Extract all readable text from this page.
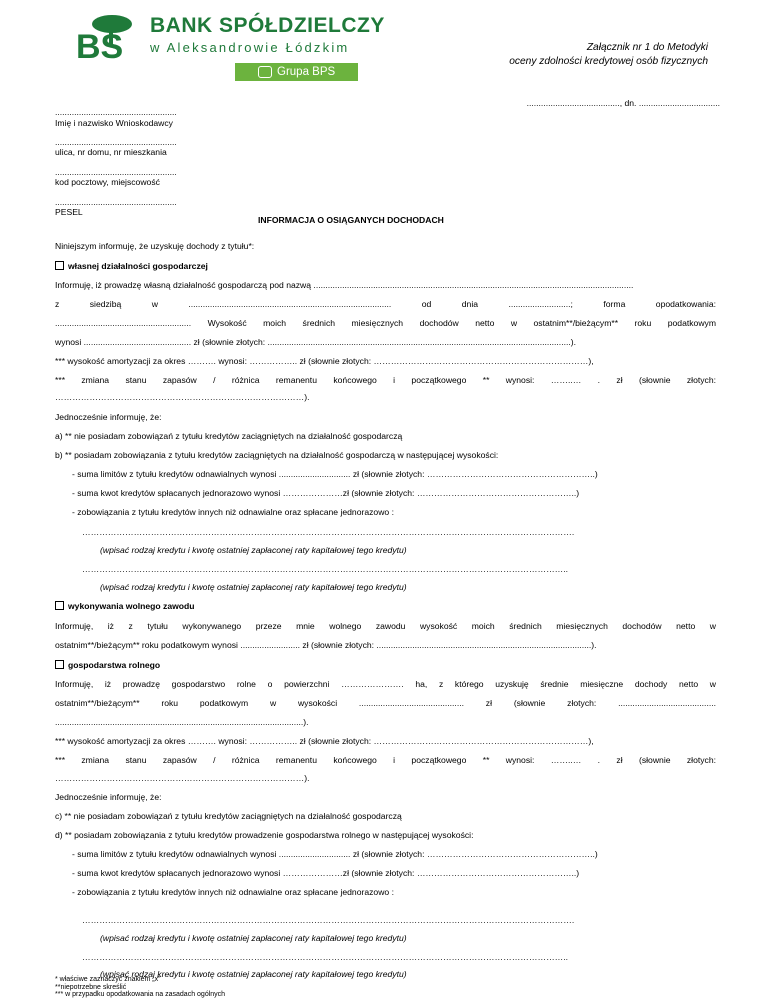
BS
BANK SPÓŁDZIELCZY
w Aleksandrowie Łódzkim
Grupa BPS
Załącznik nr 1 do Metodyki
oceny zdolności kredytowej osób fizycznych
......................................., dn. ..................................
...................................................
Imię i nazwisko Wnioskodawcy
...................................................
ulica, nr domu, nr mieszkania
...................................................
kod pocztowy, miejscowość
...................................................
PESEL
INFORMACJA O OSIĄGANYCH DOCHODACH
Niniejszym informuję, że uzyskuję dochody z tytułu*:
własnej działalności gospodarczej
Informuję, iż prowadzę własną działalność gospodarczą pod nazwą ......................................................................................................................................
z siedzibą w ..................................................................................... od dnia ..........................; forma opodatkowania:
......................................................... Wysokość moich średnich miesięcznych dochodów netto w ostatnim**/bieżącym** roku podatkowym
wynosi ............................................. zł (słownie złotych: ...............................................................................................................................).
*** wysokość amortyzacji za okres ………. wynosi: …………….. zł (słownie złotych: …………………………………………………………………),
*** zmiana stanu zapasów / różnica remanentu końcowego i początkowego ** wynosi: ……..… . zł (słownie złotych:
……………………………………………………………………………).
Jednocześnie informuję, że:
a) ** nie posiadam zobowiązań z tytułu kredytów zaciągniętych na działalność gospodarczą
b) ** posiadam zobowiązania z tytułu kredytów zaciągniętych na działalność gospodarczą w następującej wysokości:
- suma limitów z tytułu kredytów odnawialnych wynosi .............................. zł (słownie złotych: …………………………………………………..)
- suma kwot kredytów spłacanych jednorazowo wynosi …………………zł (słownie złotych: ………………………………………………..)
- zobowiązania z tytułu kredytów innych niż odnawialne oraz spłacane jednorazowo :
……………………………………………………………………………………………………………………………………………………….
(wpisać rodzaj kredytu i kwotę ostatniej zapłaconej raty kapitałowej tego kredytu)
……………………………………………………………………………………………………………………………………………………..
(wpisać rodzaj kredytu i kwotę ostatniej zapłaconej raty kapitałowej tego kredytu)
wykonywania wolnego zawodu
Informuję, iż z tytułu wykonywanego przeze mnie wolnego zawodu wysokość moich średnich miesięcznych dochodów netto w
ostatnim**/bieżącym** roku podatkowym wynosi ......................... zł (słownie złotych: ..........................................................................................).
gospodarstwa rolnego
Informuję, iż prowadzę gospodarstwo rolne o powierzchni …………………. ha, z którego uzyskuję średnie miesięczne dochody netto w
ostatnim**/bieżącym** roku podatkowym w wysokości ............................................ zł (słownie złotych: .........................................
........................................................................................................).
*** wysokość amortyzacji za okres ………. wynosi: …………….. zł (słownie złotych: …………………………………………………………………),
*** zmiana stanu zapasów / różnica remanentu końcowego i początkowego ** wynosi: ……..… . zł (słownie złotych:
……………………………………………………………………………).
Jednocześnie informuję, że:
c) ** nie posiadam zobowiązań z tytułu kredytów zaciągniętych na działalność gospodarczą
d) ** posiadam zobowiązania z tytułu kredytów prowadzenie gospodarstwa rolnego w następującej wysokości:
- suma limitów z tytułu kredytów odnawialnych wynosi .............................. zł (słownie złotych: …………………………………………………..)
- suma kwot kredytów spłacanych jednorazowo wynosi …………………zł (słownie złotych: ………………………………………………..)
- zobowiązania z tytułu kredytów innych niż odnawialne oraz spłacane jednorazowo :
……………………………………………………………………………………………………………………………………………………….
(wpisać rodzaj kredytu i kwotę ostatniej zapłaconej raty kapitałowej tego kredytu)
……………………………………………………………………………………………………………………………………………………..
(wpisać rodzaj kredytu i kwotę ostatniej zapłaconej raty kapitałowej tego kredytu)
* właściwe zaznaczyć znakiem „x”
**niepotrzebne skreślić
*** w przypadku opodatkowania na zasadach ogólnych
